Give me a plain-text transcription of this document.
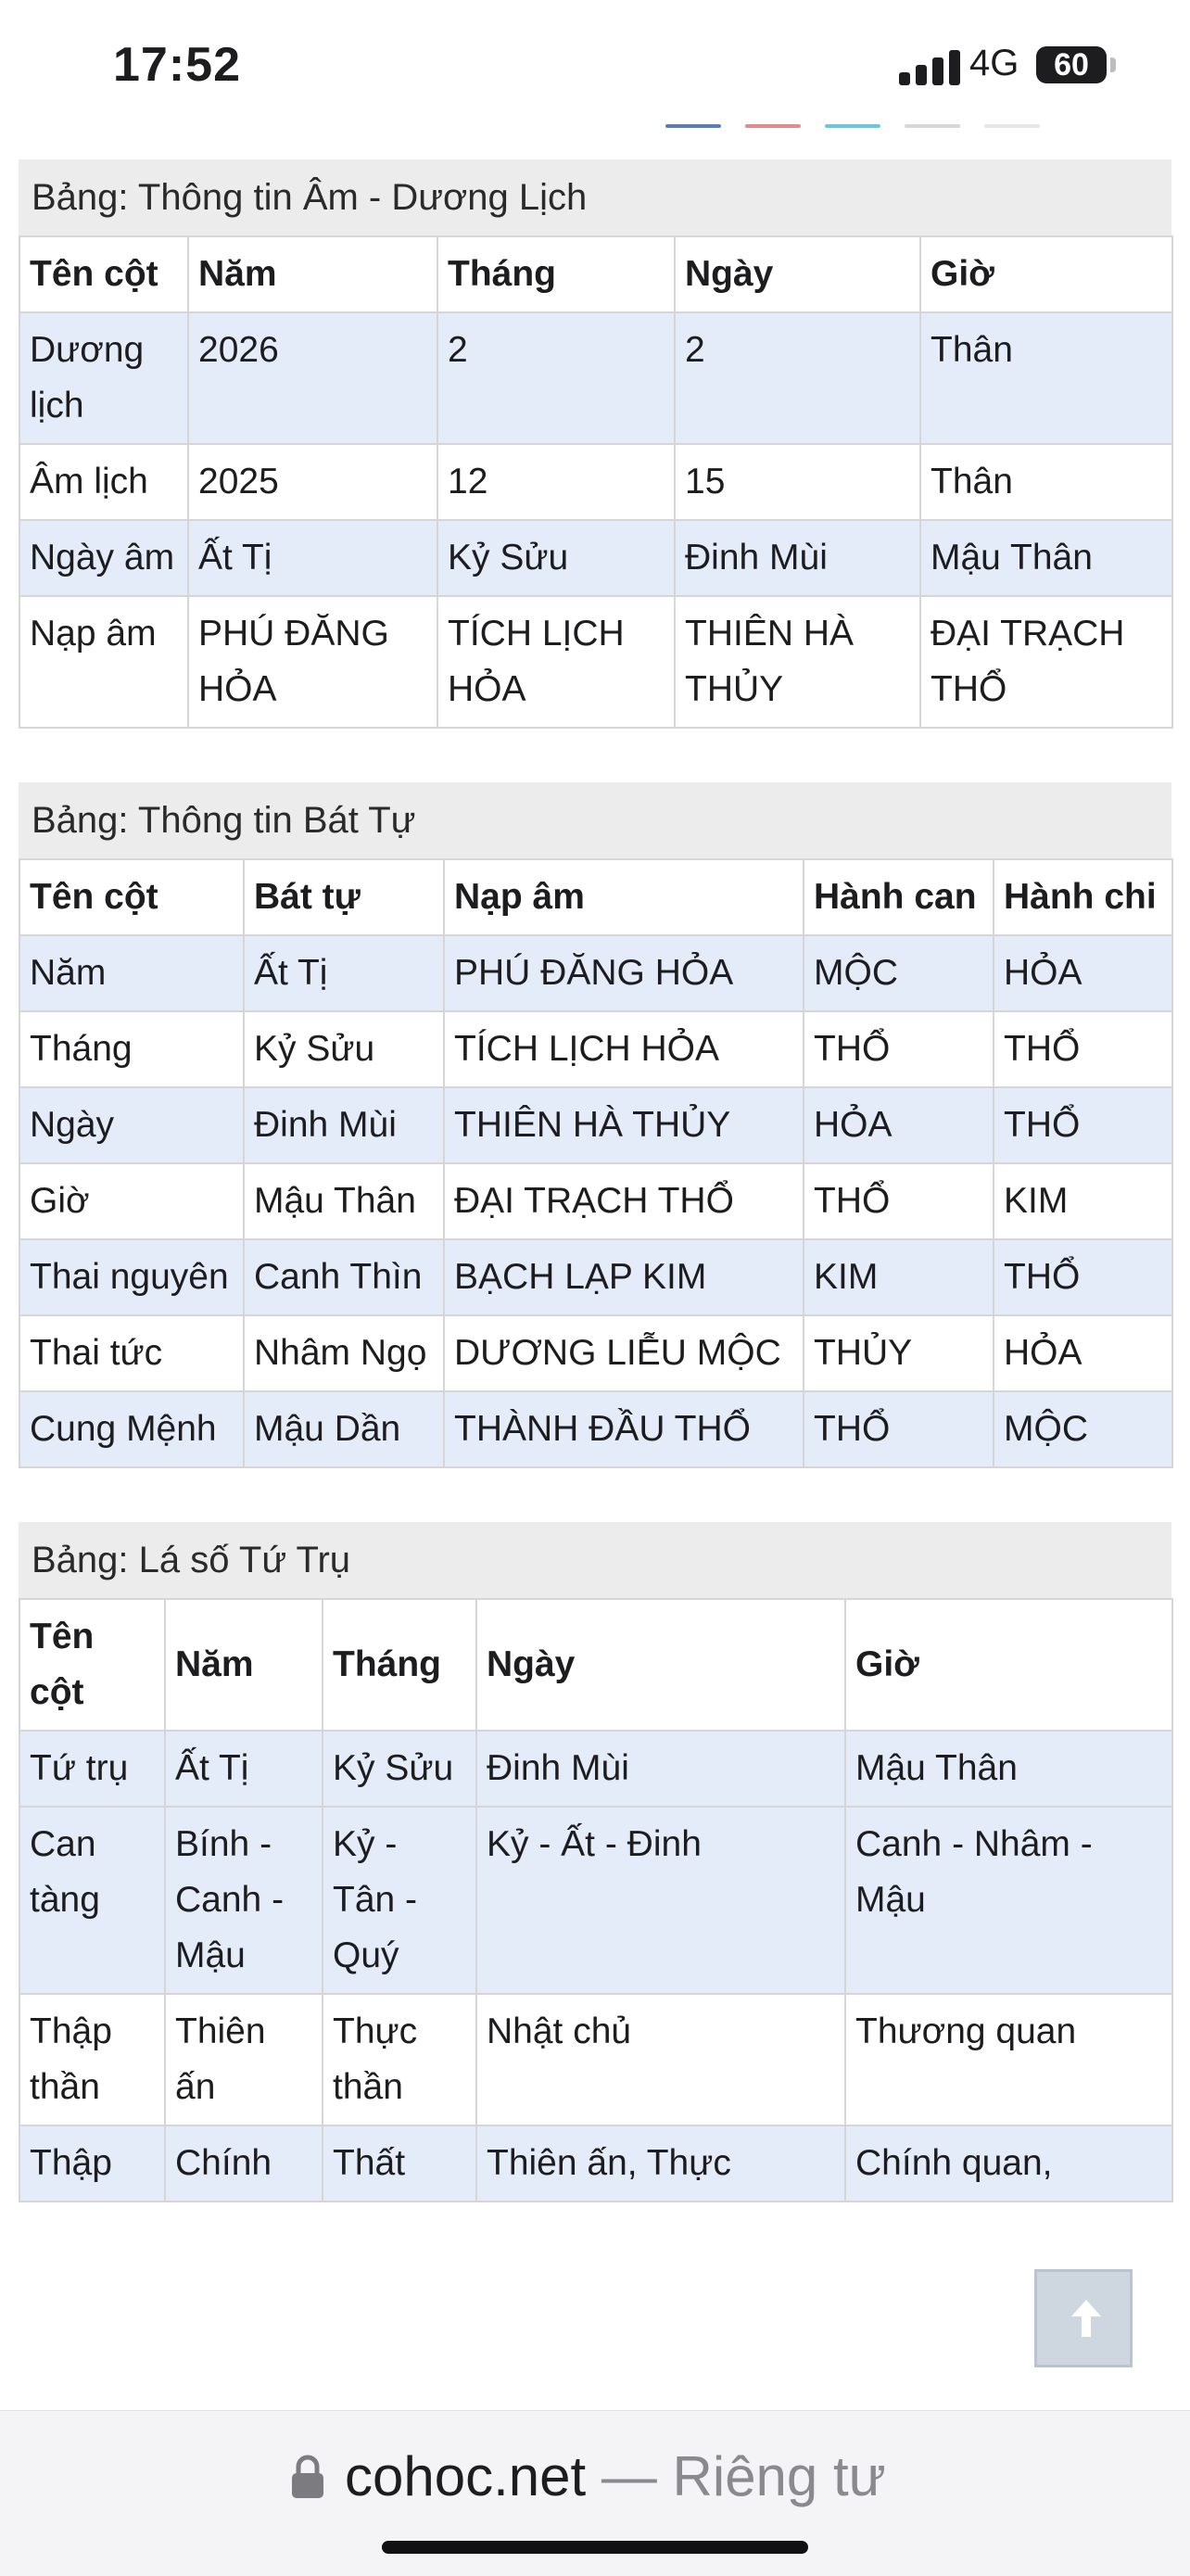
17:52	4G	60
Bảng: Thông tin Âm - Dương Lịch
Tên cột	Năm	Tháng	Ngày	Giờ
Dương lịch	2026	2	2	Thân
Âm lịch	2025	12	15	Thân
Ngày âm	Ất Tị	Kỷ Sửu	Đinh Mùi	Mậu Thân
Nạp âm	PHÚ ĐĂNG HỎA	TÍCH LỊCH HỎA	THIÊN HÀ THỦY	ĐẠI TRẠCH THỔ
Bảng: Thông tin Bát Tự
Tên cột	Bát tự	Nạp âm	Hành can	Hành chi
Năm	Ất Tị	PHÚ ĐĂNG HỎA	MỘC	HỎA
Tháng	Kỷ Sửu	TÍCH LỊCH HỎA	THỔ	THỔ
Ngày	Đinh Mùi	THIÊN HÀ THỦY	HỎA	THỔ
Giờ	Mậu Thân	ĐẠI TRẠCH THỔ	THỔ	KIM
Thai nguyên	Canh Thìn	BẠCH LẠP KIM	KIM	THỔ
Thai tức	Nhâm Ngọ	DƯƠNG LIỄU MỘC	THỦY	HỎA
Cung Mệnh	Mậu Dần	THÀNH ĐẦU THỔ	THỔ	MỘC
Bảng: Lá số Tứ Trụ
Tên cột	Năm	Tháng	Ngày	Giờ
Tứ trụ	Ất Tị	Kỷ Sửu	Đinh Mùi	Mậu Thân
Can tàng	Bính - Canh - Mậu	Kỷ - Tân - Quý	Kỷ - Ất - Đinh	Canh - Nhâm - Mậu
Thập thần	Thiên ấn	Thực thần	Nhật chủ	Thương quan
Thập	Chính	Thất	Thiên ấn, Thực	Chính quan,
cohoc.net — Riêng tư
